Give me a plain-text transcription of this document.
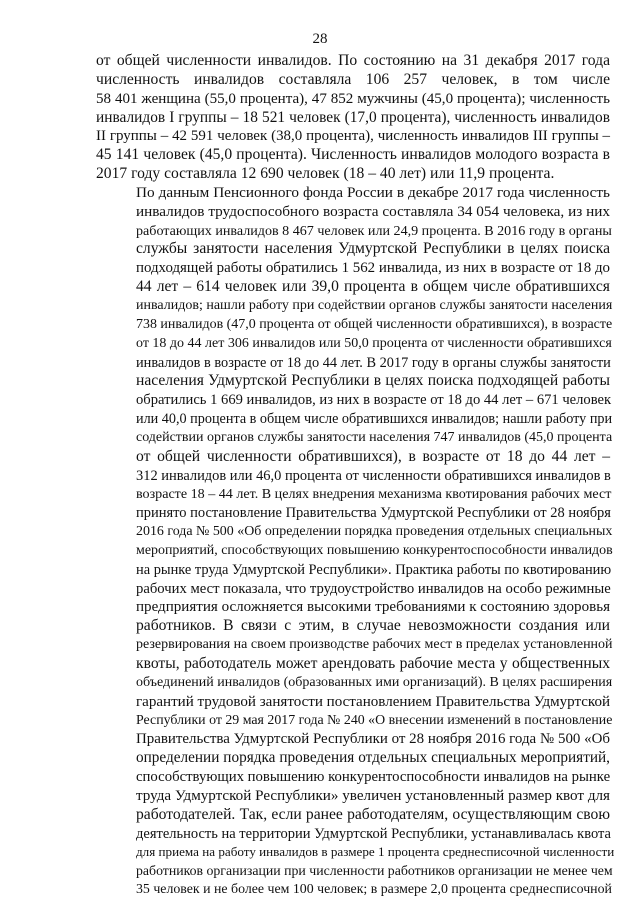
28

от общей численности инвалидов. По состоянию на 31 декабря 2017 года
численность инвалидов составляла 106 257 человек, в том числе
58 401 женщина (55,0 процента), 47 852 мужчины (45,0 процента); численность
инвалидов I группы – 18 521 человек (17,0 процента), численность инвалидов
II группы – 42 591 человек (38,0 процента), численность инвалидов III группы –
45 141 человек (45,0 процента). Численность инвалидов молодого возраста в
2017 году составляла 12 690 человек (18 – 40 лет) или 11,9 процента.

По данным Пенсионного фонда России в декабре 2017 года численность
инвалидов трудоспособного возраста составляла 34 054 человека, из них
работающих инвалидов 8 467 человек или 24,9 процента. В 2016 году в органы
службы занятости населения Удмуртской Республики в целях поиска
подходящей работы обратились 1 562 инвалида, из них в возрасте от 18 до
44 лет – 614 человек или 39,0 процента в общем числе обратившихся
инвалидов; нашли работу при содействии органов службы занятости населения
738 инвалидов (47,0 процента от общей численности обратившихся), в возрасте
от 18 до 44 лет 306 инвалидов или 50,0 процента от численности обратившихся
инвалидов в возрасте от 18 до 44 лет. В 2017 году в органы службы занятости
населения Удмуртской Республики в целях поиска подходящей работы
обратились 1 669 инвалидов, из них в возрасте от 18 до 44 лет – 671 человек
или 40,0 процента в общем числе обратившихся инвалидов; нашли работу при
содействии органов службы занятости населения 747 инвалидов (45,0 процента
от общей численности обратившихся), в возрасте от 18 до 44 лет –
312 инвалидов или 46,0 процента от численности обратившихся инвалидов в
возрасте 18 – 44 лет. В целях внедрения механизма квотирования рабочих мест
принято постановление Правительства Удмуртской Республики от 28 ноября
2016 года № 500 «Об определении порядка проведения отдельных специальных
мероприятий, способствующих повышению конкурентоспособности инвалидов
на рынке труда Удмуртской Республики». Практика работы по квотированию
рабочих мест показала, что трудоустройство инвалидов на особо режимные
предприятия осложняется высокими требованиями к состоянию здоровья
работников. В связи с этим, в случае невозможности создания или
резервирования на своем производстве рабочих мест в пределах установленной
квоты, работодатель может арендовать рабочие места у общественных
объединений инвалидов (образованных ими организаций). В целях расширения
гарантий трудовой занятости постановлением Правительства Удмуртской
Республики от 29 мая 2017 года № 240 «О внесении изменений в постановление
Правительства Удмуртской Республики от 28 ноября 2016 года № 500 «Об
определении порядка проведения отдельных специальных мероприятий,
способствующих повышению конкурентоспособности инвалидов на рынке
труда Удмуртской Республики» увеличен установленный размер квот для
работодателей. Так, если ранее работодателям, осуществляющим свою
деятельность на территории Удмуртской Республики, устанавливалась квота
для приема на работу инвалидов в размере 1 процента среднесписочной численности
работников организации при численности работников организации не менее чем
35 человек и не более чем 100 человек; в размере 2,0 процента среднесписочной
